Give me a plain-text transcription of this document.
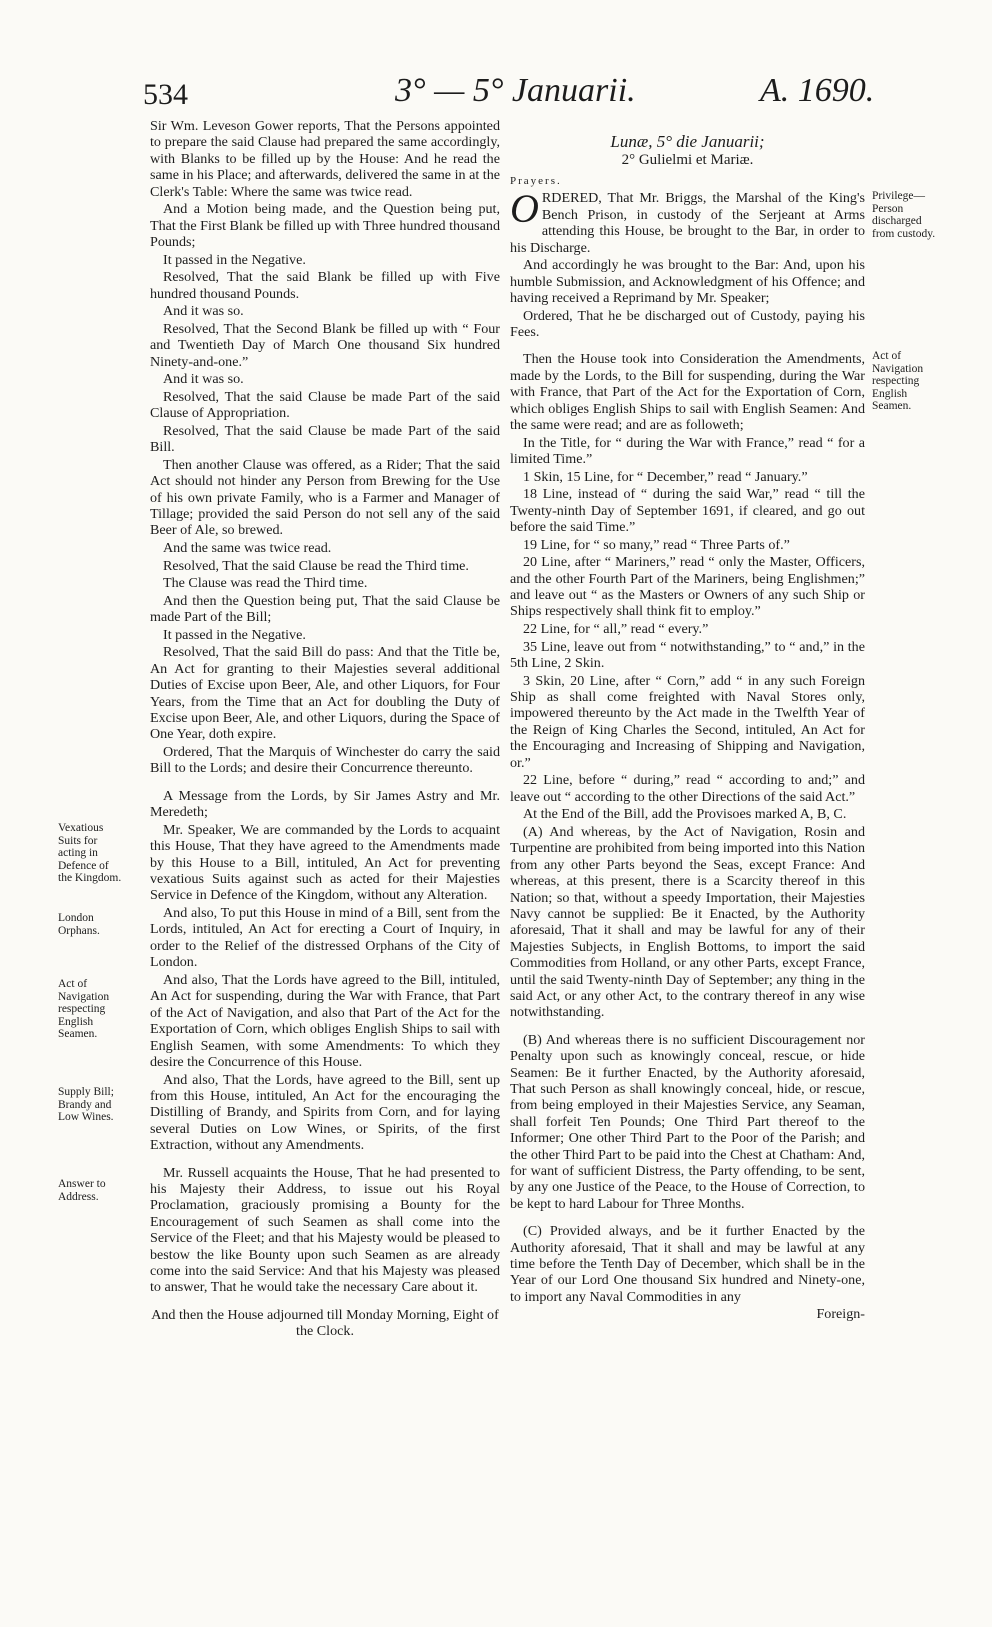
534	3° — 5° Januarii.	A. 1690.

Sir Wm. Leveson Gower reports, That the Persons appointed to prepare the said Clause had prepared the same accordingly, with Blanks to be filled up by the House: And he read the same in his Place; and afterwards, delivered the same in at the Clerk's Table: Where the same was twice read.

And a Motion being made, and the Question being put, That the First Blank be filled up with Three hundred thousand Pounds;

It passed in the Negative.

Resolved, That the said Blank be filled up with Five hundred thousand Pounds.

And it was so.

Resolved, That the Second Blank be filled up with “ Four and Twentieth Day of March One thousand Six hundred Ninety-and-one.”

And it was so.

Resolved, That the said Clause be made Part of the said Clause of Appropriation.

Resolved, That the said Clause be made Part of the said Bill.

Then another Clause was offered, as a Rider; That the said Act should not hinder any Person from Brewing for the Use of his own private Family, who is a Farmer and Manager of Tillage; provided the said Person do not sell any of the said Beer of Ale, so brewed.

And the same was twice read.

Resolved, That the said Clause be read the Third time.

The Clause was read the Third time.

And then the Question being put, That the said Clause be made Part of the Bill;

It passed in the Negative.

Resolved, That the said Bill do pass: And that the Title be, An Act for granting to their Majesties several additional Duties of Excise upon Beer, Ale, and other Liquors, for Four Years, from the Time that an Act for doubling the Duty of Excise upon Beer, Ale, and other Liquors, during the Space of One Year, doth expire.

Ordered, That the Marquis of Winchester do carry the said Bill to the Lords; and desire their Concurrence thereunto.

A Message from the Lords, by Sir James Astry and Mr. Meredeth;

Mr. Speaker, We are commanded by the Lords to acquaint this House, That they have agreed to the Amendments made by this House to a Bill, intituled, An Act for preventing vexatious Suits against such as acted for their Majesties Service in Defence of the Kingdom, without any Alteration.

And also, To put this House in mind of a Bill, sent from the Lords, intituled, An Act for erecting a Court of Inquiry, in order to the Relief of the distressed Orphans of the City of London.

And also, That the Lords have agreed to the Bill, intituled, An Act for suspending, during the War with France, that Part of the Act of Navigation, and also that Part of the Act for the Exportation of Corn, which obliges English Ships to sail with English Seamen, with some Amendments: To which they desire the Concurrence of this House.

And also, That the Lords, have agreed to the Bill, sent up from this House, intituled, An Act for the encouraging the Distilling of Brandy, and Spirits from Corn, and for laying several Duties on Low Wines, or Spirits, of the first Extraction, without any Amendments.

Mr. Russell acquaints the House, That he had presented to his Majesty their Address, to issue out his Royal Proclamation, graciously promising a Bounty for the Encouragement of such Seamen as shall come into the Service of the Fleet; and that his Majesty would be pleased to bestow the like Bounty upon such Seamen as are already come into the said Service: And that his Majesty was pleased to answer, That he would take the necessary Care about it.

And then the House adjourned till Monday Morning, Eight of the Clock.

Lunæ, 5° die Januarii;

2° Gulielmi et Mariæ.

Prayers.

ORDERED, That Mr. Briggs, the Marshal of the King's Bench Prison, in custody of the Serjeant at Arms attending this House, be brought to the Bar, in order to his Discharge.

And accordingly he was brought to the Bar: And, upon his humble Submission, and Acknowledgment of his Offence; and having received a Reprimand by Mr. Speaker;

Ordered, That he be discharged out of Custody, paying his Fees.

Then the House took into Consideration the Amendments, made by the Lords, to the Bill for suspending, during the War with France, that Part of the Act for the Exportation of Corn, which obliges English Ships to sail with English Seamen: And the same were read; and are as followeth;

In the Title, for “ during the War with France,” read “ for a limited Time.”

1 Skin, 15 Line, for “ December,” read “ January.”

18 Line, instead of “ during the said War,” read “ till the Twenty-ninth Day of September 1691, if cleared, and go out before the said Time.”

19 Line, for “ so many,” read “ Three Parts of.”

20 Line, after “ Mariners,” read “ only the Master, Officers, and the other Fourth Part of the Mariners, being Englishmen;” and leave out “ as the Masters or Owners of any such Ship or Ships respectively shall think fit to employ.”

22 Line, for “ all,” read “ every.”

35 Line, leave out from “ notwithstanding,” to “ and,” in the 5th Line, 2 Skin.

3 Skin, 20 Line, after “ Corn,” add “ in any such Foreign Ship as shall come freighted with Naval Stores only, impowered thereunto by the Act made in the Twelfth Year of the Reign of King Charles the Second, intituled, An Act for the Encouraging and Increasing of Shipping and Navigation, or.”

22 Line, before “ during,” read “ according to and;” and leave out “ according to the other Directions of the said Act.”

At the End of the Bill, add the Provisoes marked A, B, C.

(A) And whereas, by the Act of Navigation, Rosin and Turpentine are prohibited from being imported into this Nation from any other Parts beyond the Seas, except France: And whereas, at this present, there is a Scarcity thereof in this Nation; so that, without a speedy Importation, their Majesties Navy cannot be supplied: Be it Enacted, by the Authority aforesaid, That it shall and may be lawful for any of their Majesties Subjects, in English Bottoms, to import the said Commodities from Holland, or any other Parts, except France, until the said Twenty-ninth Day of September; any thing in the said Act, or any other Act, to the contrary thereof in any wise notwithstanding.

(B) And whereas there is no sufficient Discouragement nor Penalty upon such as knowingly conceal, rescue, or hide Seamen: Be it further Enacted, by the Authority aforesaid, That such Person as shall knowingly conceal, hide, or rescue, from being employed in their Majesties Service, any Seaman, shall forfeit Ten Pounds; One Third Part thereof to the Informer; One other Third Part to the Poor of the Parish; and the other Third Part to be paid into the Chest at Chatham: And, for want of sufficient Distress, the Party offending, to be sent, by any one Justice of the Peace, to the House of Correction, to be kept to hard Labour for Three Months.

(C) Provided always, and be it further Enacted by the Authority aforesaid, That it shall and may be lawful at any time before the Tenth Day of December, which shall be in the Year of our Lord One thousand Six hundred and Ninety-one, to import any Naval Commodities in any

Foreign-

Vexatious Suits for acting in Defence of the Kingdom.
London Orphans.
Act of Navigation respecting English Seamen.
Supply Bill; Brandy and Low Wines.
Answer to Address.
Privilege— Person discharged from custody.
Act of Navigation respecting English Seamen.
